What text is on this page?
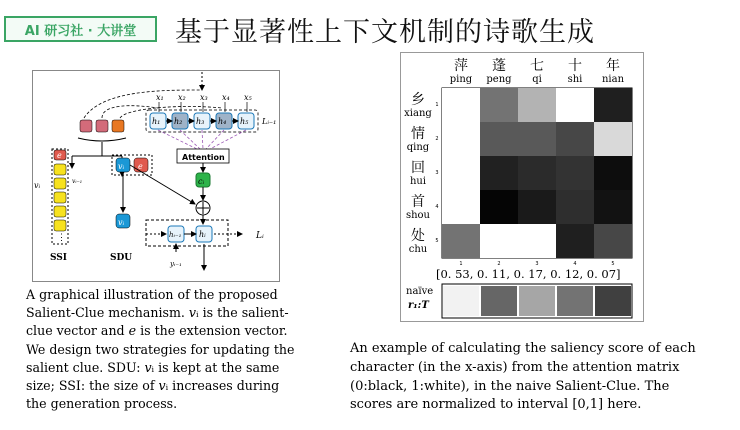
AI 研习社 · 大讲堂	基于显著性上下文机制的诗歌生成
x₁ x₂ x₃ x₄ x₅
h₁ h₂ h₃ h₄ h₅ Lᵢ₋₁
Attention
cᵢ
e
⋮
vᵢ	vᵢ₋₁
SSI
vᵢ e
vᵢ
SDU
hᵢ₋₁ hᵢ
yᵢ₋₁
Lᵢ
A graphical illustration of the proposed
Salient-Clue mechanism. 𝑣ᵢ is the salient-
clue vector and 𝑒 is the extension vector.
We design two strategies for updating the
salient clue. SDU: 𝑣ᵢ is kept at the same
size; SSI: the size of 𝑣ᵢ increases during
the generation process.
萍
ping
蓬
peng
七
qi
十
shi
年
nian
乡
xiang
1
情
qing
2
回
hui
3
首
shou
4
处
chu
5
1	2	3	4	5
[0. 53, 0. 11, 0. 17, 0. 12, 0. 07]
naïve
r₁:T
An example of calculating the saliency score of each
character (in the x-axis) from the attention matrix
(0:black, 1:white), in the naive Salient-Clue. The
scores are normalized to interval [0,1] here.
